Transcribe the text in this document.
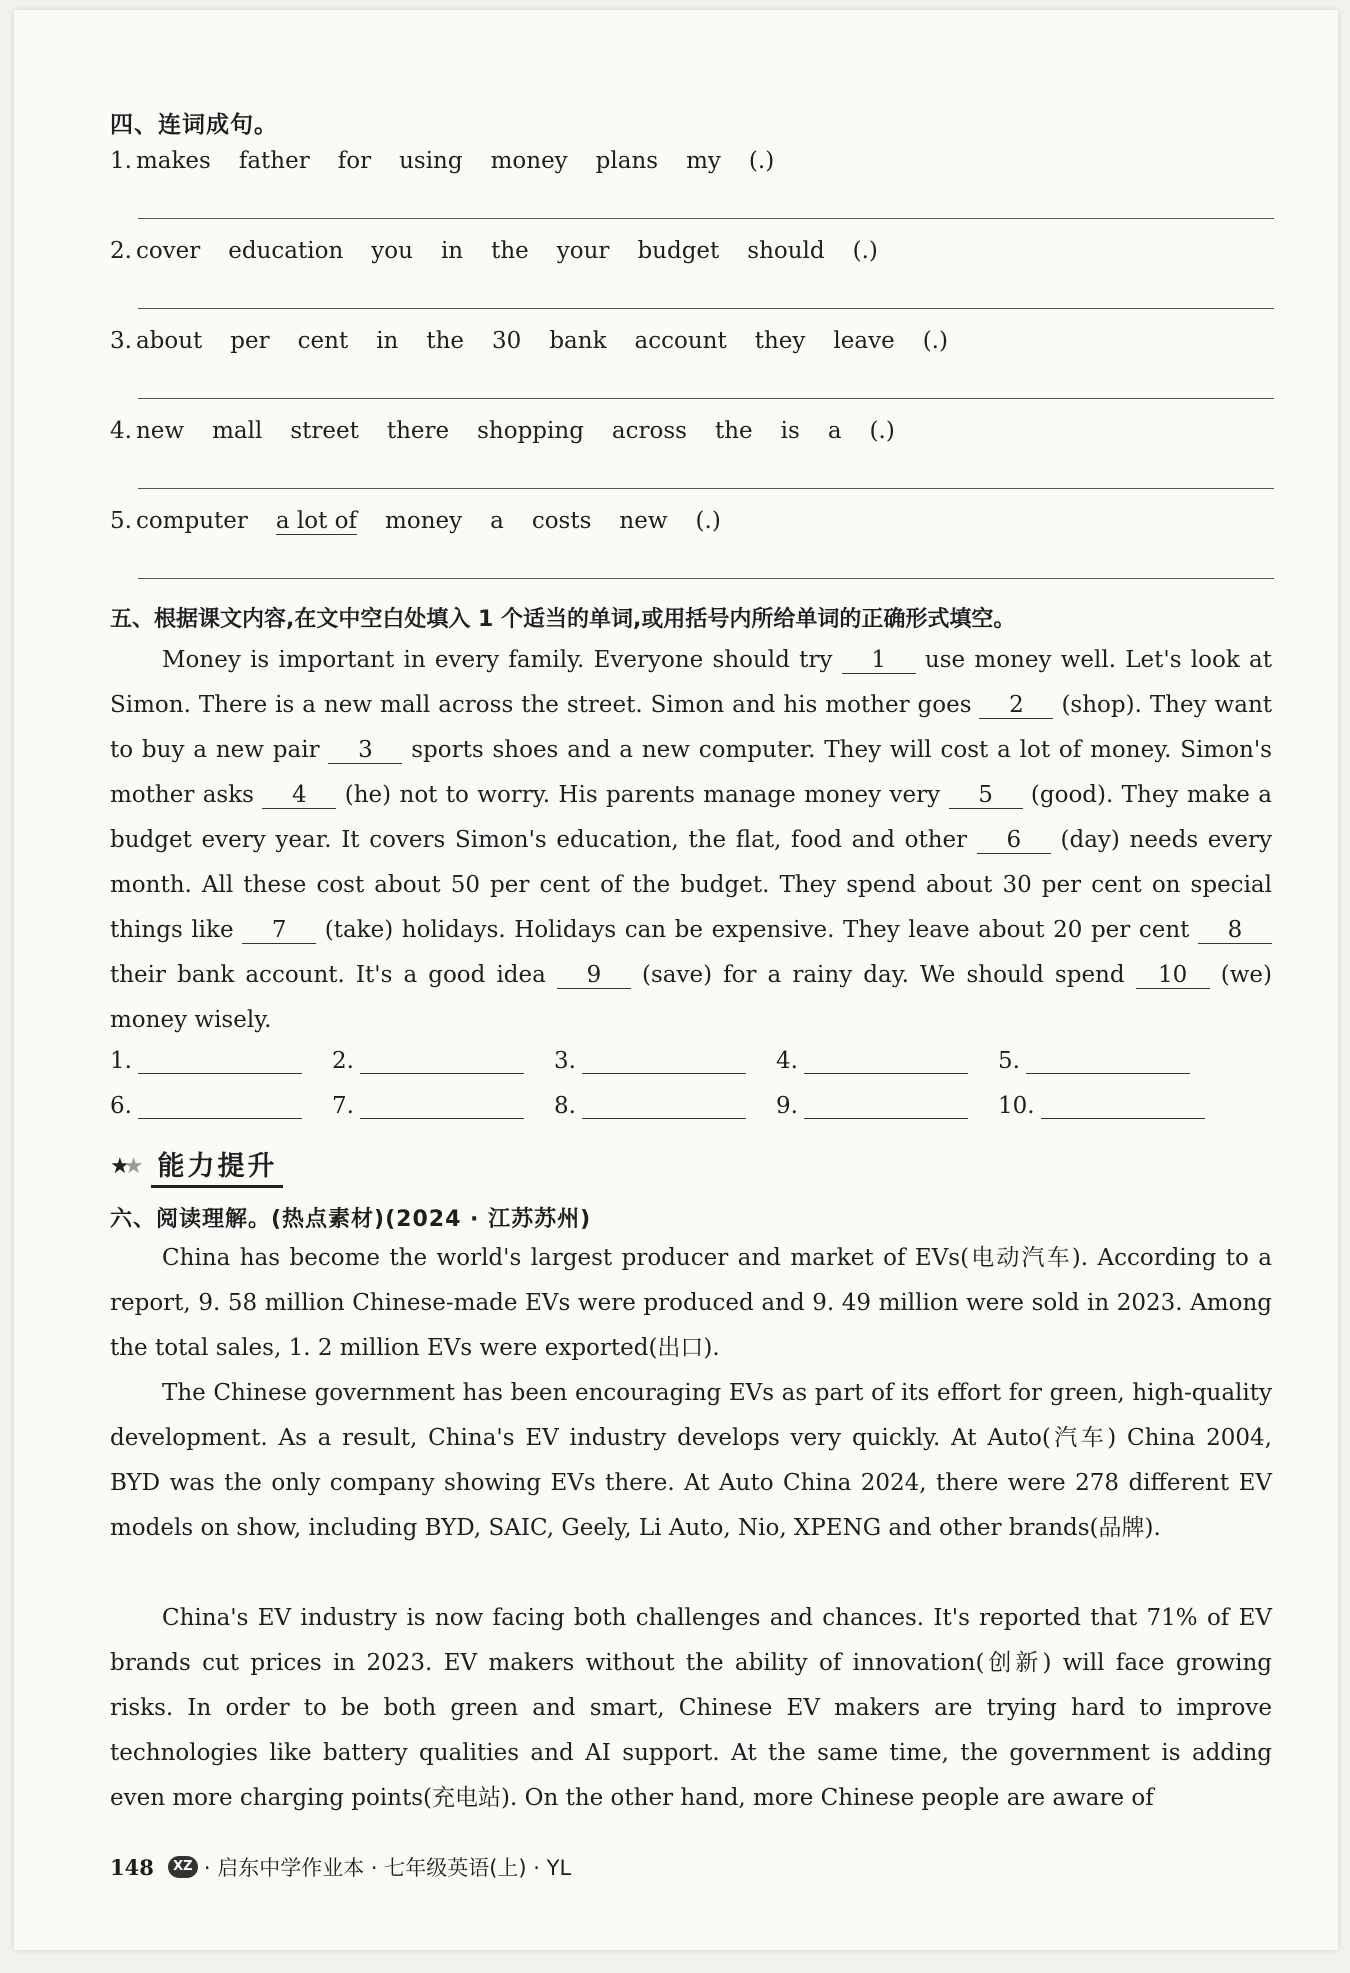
四、连词成句。
1. makes father for using money plans my (.)
2. cover education you in the your budget should (.)
3. about per cent in the 30 bank account they leave (.)
4. new mall street there shopping across the is a (.)
5. computer a lot of money a costs new (.)
五、根据课文内容,在文中空白处填入 1 个适当的单词,或用括号内所给单词的正确形式填空。
Money is important in every family. Everyone should try 1 use money well. Let's look at Simon. There is a new mall across the street. Simon and his mother goes 2 (shop). They want to buy a new pair 3 sports shoes and a new computer. They will cost a lot of money. Simon's mother asks 4 (he) not to worry. His parents manage money very 5 (good). They make a budget every year. It covers Simon's education, the flat, food and other 6 (day) needs every month. All these cost about 50 per cent of the budget. They spend about 30 per cent on special things like 7 (take) holidays. Holidays can be expensive. They leave about 20 per cent 8 their bank account. It's a good idea 9 (save) for a rainy day. We should spend 10 (we) money wisely.
1.	2.	3.	4.	5.
6.	7.	8.	9.	10.
★★ 能力提升
六、阅读理解。(热点素材)(2024 · 江苏苏州)
China has become the world's largest producer and market of EVs(电动汽车). According to a report, 9. 58 million Chinese-made EVs were produced and 9. 49 million were sold in 2023. Among the total sales, 1. 2 million EVs were exported(出口).
The Chinese government has been encouraging EVs as part of its effort for green, high-quality development. As a result, China's EV industry develops very quickly. At Auto(汽车) China 2004, BYD was the only company showing EVs there. At Auto China 2024, there were 278 different EV models on show, including BYD, SAIC, Geely, Li Auto, Nio, XPENG and other brands(品牌).
China's EV industry is now facing both challenges and chances. It's reported that 71% of EV brands cut prices in 2023. EV makers without the ability of innovation(创新) will face growing risks. In order to be both green and smart, Chinese EV makers are trying hard to improve technologies like battery qualities and AI support. At the same time, the government is adding even more charging points(充电站). On the other hand, more Chinese people are aware of
148	XZ · 启东中学作业本 · 七年级英语(上) · YL
